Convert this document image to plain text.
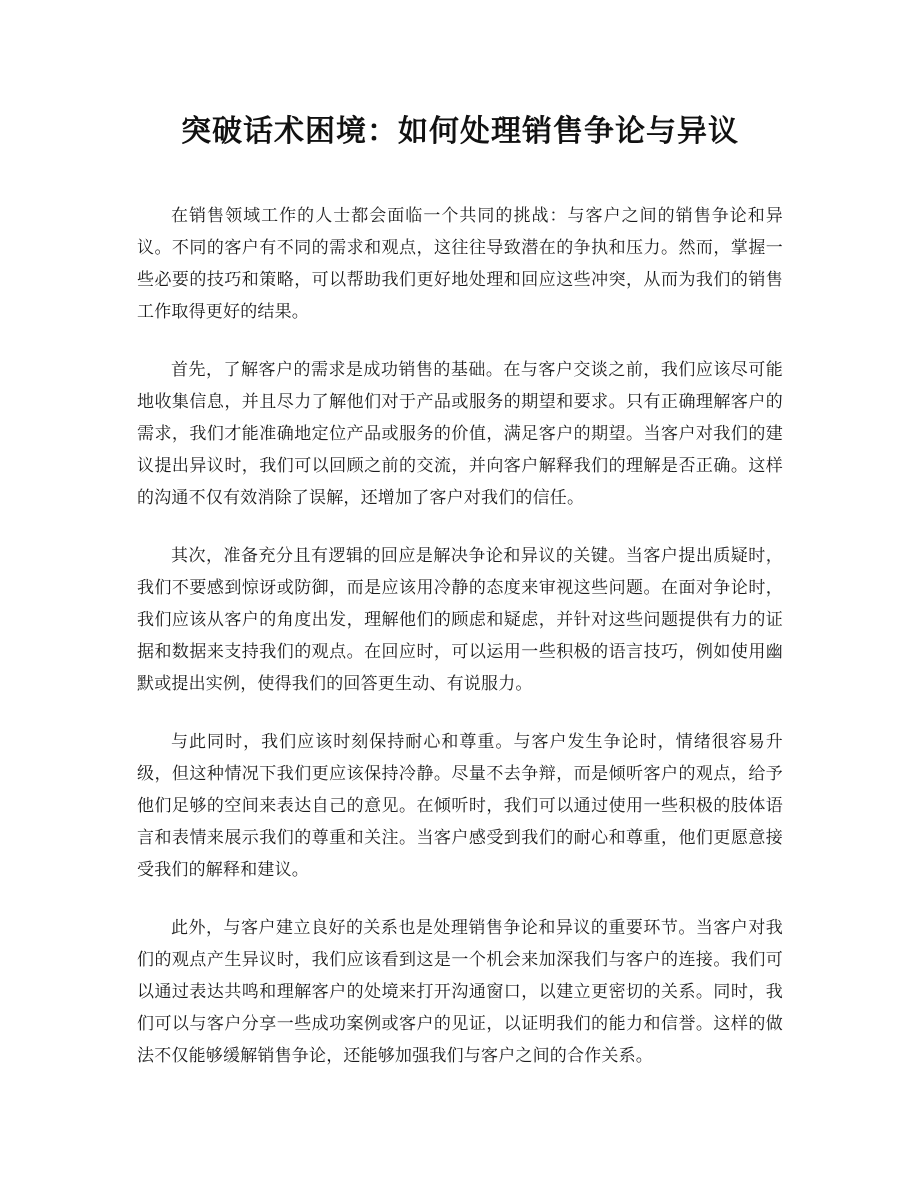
突破话术困境：如何处理销售争论与异议

在销售领域工作的人士都会面临一个共同的挑战：与客户之间的销售争论和异议。不同的客户有不同的需求和观点，这往往导致潜在的争执和压力。然而，掌握一些必要的技巧和策略，可以帮助我们更好地处理和回应这些冲突，从而为我们的销售工作取得更好的结果。

首先，了解客户的需求是成功销售的基础。在与客户交谈之前，我们应该尽可能地收集信息，并且尽力了解他们对于产品或服务的期望和要求。只有正确理解客户的需求，我们才能准确地定位产品或服务的价值，满足客户的期望。当客户对我们的建议提出异议时，我们可以回顾之前的交流，并向客户解释我们的理解是否正确。这样的沟通不仅有效消除了误解，还增加了客户对我们的信任。

其次，准备充分且有逻辑的回应是解决争论和异议的关键。当客户提出质疑时，我们不要感到惊讶或防御，而是应该用冷静的态度来审视这些问题。在面对争论时，我们应该从客户的角度出发，理解他们的顾虑和疑虑，并针对这些问题提供有力的证据和数据来支持我们的观点。在回应时，可以运用一些积极的语言技巧，例如使用幽默或提出实例，使得我们的回答更生动、有说服力。

与此同时，我们应该时刻保持耐心和尊重。与客户发生争论时，情绪很容易升级，但这种情况下我们更应该保持冷静。尽量不去争辩，而是倾听客户的观点，给予他们足够的空间来表达自己的意见。在倾听时，我们可以通过使用一些积极的肢体语言和表情来展示我们的尊重和关注。当客户感受到我们的耐心和尊重，他们更愿意接受我们的解释和建议。

此外，与客户建立良好的关系也是处理销售争论和异议的重要环节。当客户对我们的观点产生异议时，我们应该看到这是一个机会来加深我们与客户的连接。我们可以通过表达共鸣和理解客户的处境来打开沟通窗口，以建立更密切的关系。同时，我们可以与客户分享一些成功案例或客户的见证，以证明我们的能力和信誉。这样的做法不仅能够缓解销售争论，还能够加强我们与客户之间的合作关系。
